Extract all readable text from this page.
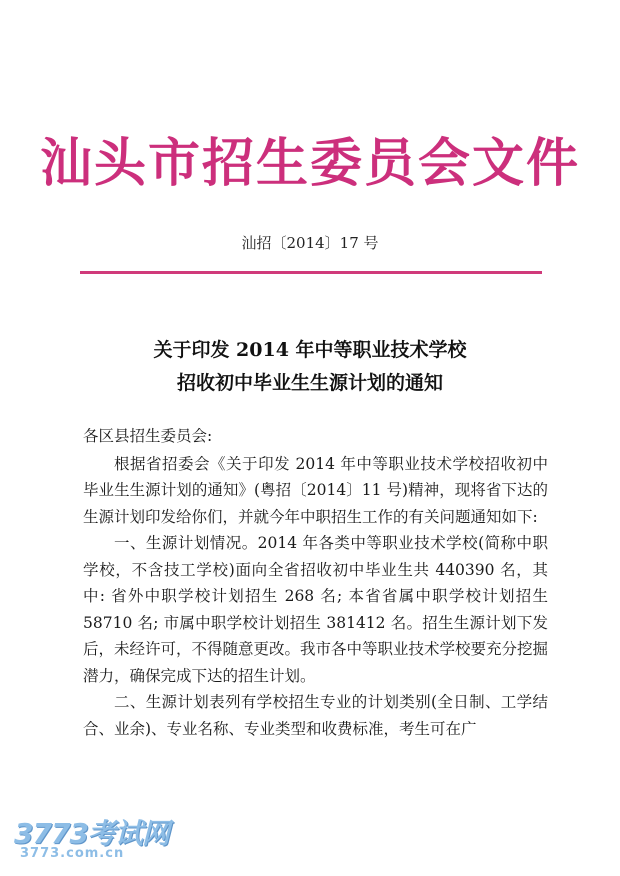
汕头市招生委员会文件
汕招〔2014〕17 号
关于印发 2014 年中等职业技术学校
招收初中毕业生生源计划的通知

各区县招生委员会:

根据省招委会《关于印发 2014 年中等职业技术学校招收初中毕业生生源计划的通知》(粤招〔2014〕11 号)精神，现将省下达的生源计划印发给你们，并就今年中职招生工作的有关问题通知如下:

一、生源计划情况。2014 年各类中等职业技术学校(简称中职学校，不含技工学校)面向全省招收初中毕业生共 440390 名，其中: 省外中职学校计划招生 268 名; 本省省属中职学校计划招生 58710 名; 市属中职学校计划招生 381412 名。招生生源计划下发后，未经许可，不得随意更改。我市各中等职业技术学校要充分挖掘潜力，确保完成下达的招生计划。

二、生源计划表列有学校招生专业的计划类别(全日制、工学结合、业余)、专业名称、专业类型和收费标准，考生可在广

3773考试网
3773.com.cn
